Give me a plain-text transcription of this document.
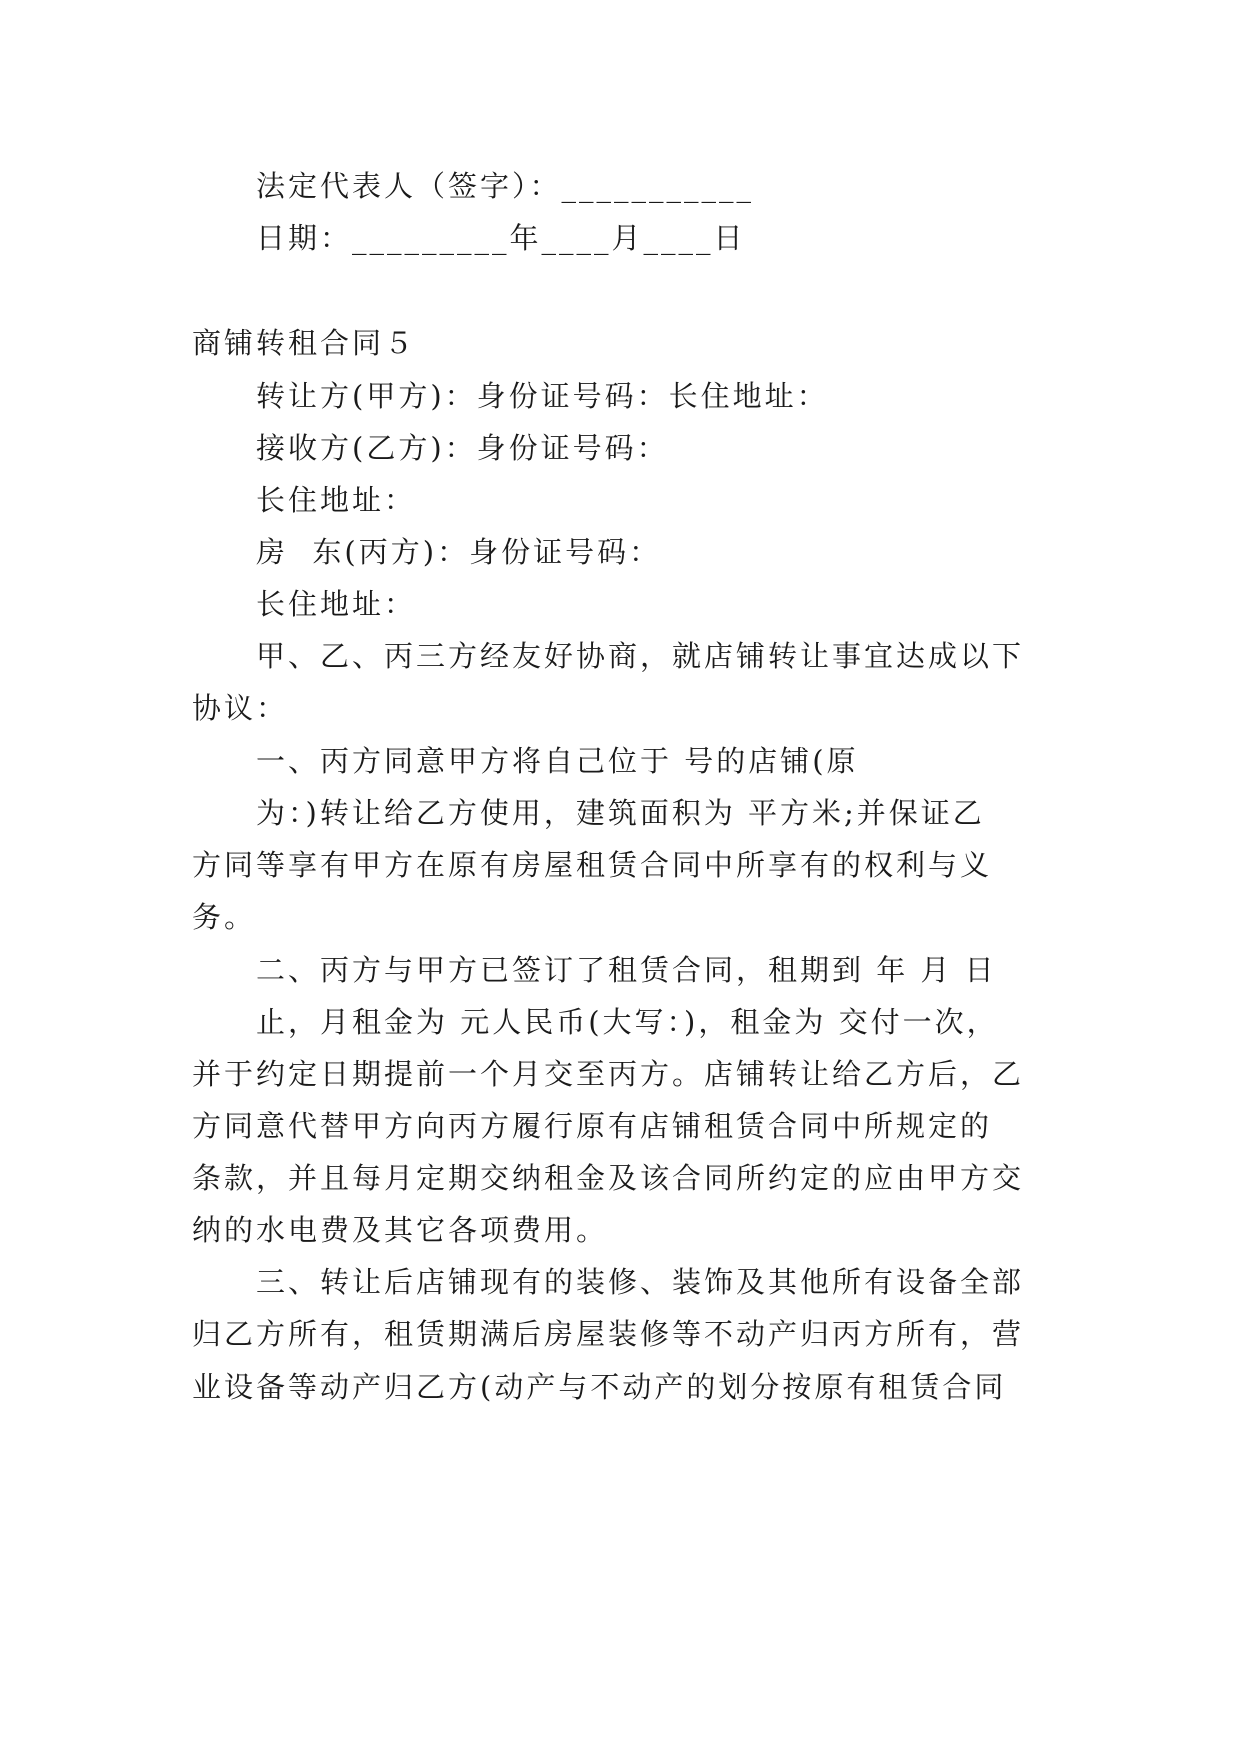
法定代表人（签字）：___________
日期：_________年____月____日
商铺转租合同５
转让方(甲方)：身份证号码：长住地址：
接收方(乙方)：身份证号码：
长住地址：
房  东(丙方)：身份证号码：
长住地址：
甲、乙、丙三方经友好协商，就店铺转让事宜达成以下
协议：
一、丙方同意甲方将自己位于 号的店铺(原
为：)转让给乙方使用，建筑面积为 平方米;并保证乙
方同等享有甲方在原有房屋租赁合同中所享有的权利与义
务。
二、丙方与甲方已签订了租赁合同，租期到 年 月 日
止，月租金为 元人民币(大写：)，租金为 交付一次，
并于约定日期提前一个月交至丙方。店铺转让给乙方后，乙
方同意代替甲方向丙方履行原有店铺租赁合同中所规定的
条款，并且每月定期交纳租金及该合同所约定的应由甲方交
纳的水电费及其它各项费用。
三、转让后店铺现有的装修、装饰及其他所有设备全部
归乙方所有，租赁期满后房屋装修等不动产归丙方所有，营
业设备等动产归乙方(动产与不动产的划分按原有租赁合同
